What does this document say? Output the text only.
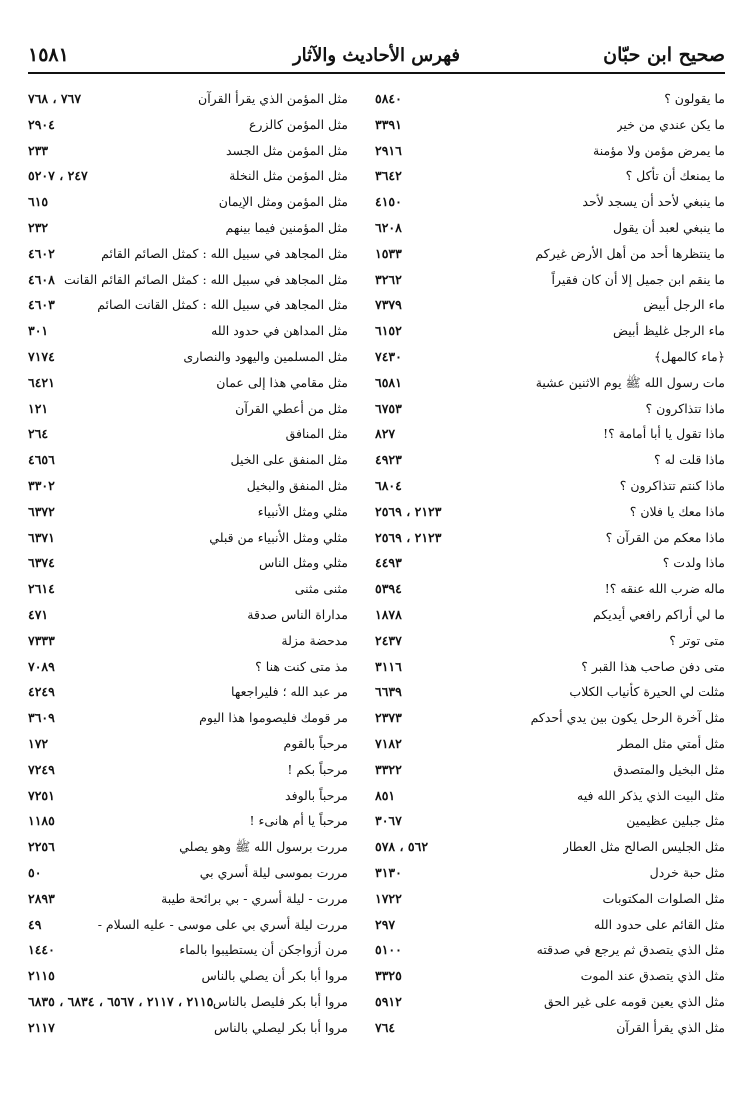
صحيح ابن حبّان
فهرس الأحاديث والآثار
١٥٨١
ما يقولون ؟
٥٨٤٠
ما يكن عندي من خير
٣٣٩١
ما يمرض مؤمن ولا مؤمنة
٢٩١٦
ما يمنعك أن تأكل ؟
٣٦٤٢
ما ينبغي لأحد أن يسجد لأحد
٤١٥٠
ما ينبغي لعبد أن يقول
٦٢٠٨
ما ينتظرها أحد من أهل الأرض غيركم
١٥٣٣
ما ينقم ابن جميل إلا أن كان فقيراً
٣٢٦٢
ماء الرجل أبيض
٧٣٧٩
ماء الرجل غليظ أبيض
٦١٥٢
﴿ماء كالمهل﴾
٧٤٣٠
مات رسول الله ﷺ يوم الاثنين عشية
٦٥٨١
ماذا تتذاكرون ؟
٦٧٥٣
ماذا تقول يا أبا أمامة ؟!
٨٢٧
ماذا قلت له ؟
٤٩٢٣
ماذا كنتم تتذاكرون ؟
٦٨٠٤
ماذا معك يا فلان ؟
٢١٢٣ ، ٢٥٦٩
ماذا معكم من القرآن ؟
٢١٢٣ ، ٢٥٦٩
ماذا ولدت ؟
٤٤٩٣
ماله ضرب الله عنقه ؟!
٥٣٩٤
ما لي أراكم رافعي أيديكم
١٨٧٨
متى توتر ؟
٢٤٣٧
متى دفن صاحب هذا القبر ؟
٣١١٦
مثلت لي الحيرة كأنياب الكلاب
٦٦٣٩
مثل آخرة الرحل يكون بين يدي أحدكم
٢٣٧٣
مثل أمتي مثل المطر
٧١٨٢
مثل البخيل والمتصدق
٣٣٢٢
مثل البيت الذي يذكر الله فيه
٨٥١
مثل جبلين عظيمين
٣٠٦٧
مثل الجليس الصالح مثل العطار
٥٦٢ ، ٥٧٨
مثل حبة خردل
٣١٣٠
مثل الصلوات المكتوبات
١٧٢٢
مثل القائم على حدود الله
٢٩٧
مثل الذي يتصدق ثم يرجع في صدقته
٥١٠٠
مثل الذي يتصدق عند الموت
٣٣٢٥
مثل الذي يعين قومه على غير الحق
٥٩١٢
مثل الذي يقرأ القرآن
٧٦٤
مثل المؤمن الذي يقرأ القرآن
٧٦٧ ، ٧٦٨
مثل المؤمن كالزرع
٢٩٠٤
مثل المؤمن مثل الجسد
٢٣٣
مثل المؤمن مثل النخلة
٢٤٧ ، ٥٢٠٧
مثل المؤمن ومثل الإيمان
٦١٥
مثل المؤمنين فيما بينهم
٢٣٢
مثل المجاهد في سبيل الله : كمثل الصائم القائم
٤٦٠٢
مثل المجاهد في سبيل الله : كمثل الصائم القائم القانت
٤٦٠٨
مثل المجاهد في سبيل الله : كمثل القانت الصائم
٤٦٠٣
مثل المداهن في حدود الله
٣٠١
مثل المسلمين واليهود والنصارى
٧١٧٤
مثل مقامي هذا إلى عمان
٦٤٢١
مثل من أعطي القرآن
١٢١
مثل المنافق
٢٦٤
مثل المنفق على الخيل
٤٦٥٦
مثل المنفق والبخيل
٣٣٠٢
مثلي ومثل الأنبياء
٦٣٧٢
مثلي ومثل الأنبياء من قبلي
٦٣٧١
مثلي ومثل الناس
٦٣٧٤
مثنى مثنى
٢٦١٤
مداراة الناس صدقة
٤٧١
مدحضة مزلة
٧٣٣٣
مذ متى كنت هنا ؟
٧٠٨٩
مر عبد الله ؛ فليراجعها
٤٢٤٩
مر قومك فليصوموا هذا اليوم
٣٦٠٩
مرحباً بالقوم
١٧٢
مرحباً بكم !
٧٢٤٩
مرحباً بالوفد
٧٢٥١
مرحباً يا أم هانىء !
١١٨٥
مررت برسول الله ﷺ وهو يصلي
٢٢٥٦
مررت بموسى ليلة أسري بي
٥٠
مررت - ليلة أسري - بي برائحة طيبة
٢٨٩٣
مررت ليلة أسري بي على موسى - عليه السلام -
٤٩
مرن أزواجكن أن يستطيبوا بالماء
١٤٤٠
مروا أبا بكر أن يصلي بالناس
٢١١٥
مروا أبا بكر فليصل بالناس
٢١١٥ ، ٢١١٧ ، ٦٥٦٧ ، ٦٨٣٤ ، ٦٨٣٥
مروا أبا بكر ليصلي بالناس
٢١١٧
